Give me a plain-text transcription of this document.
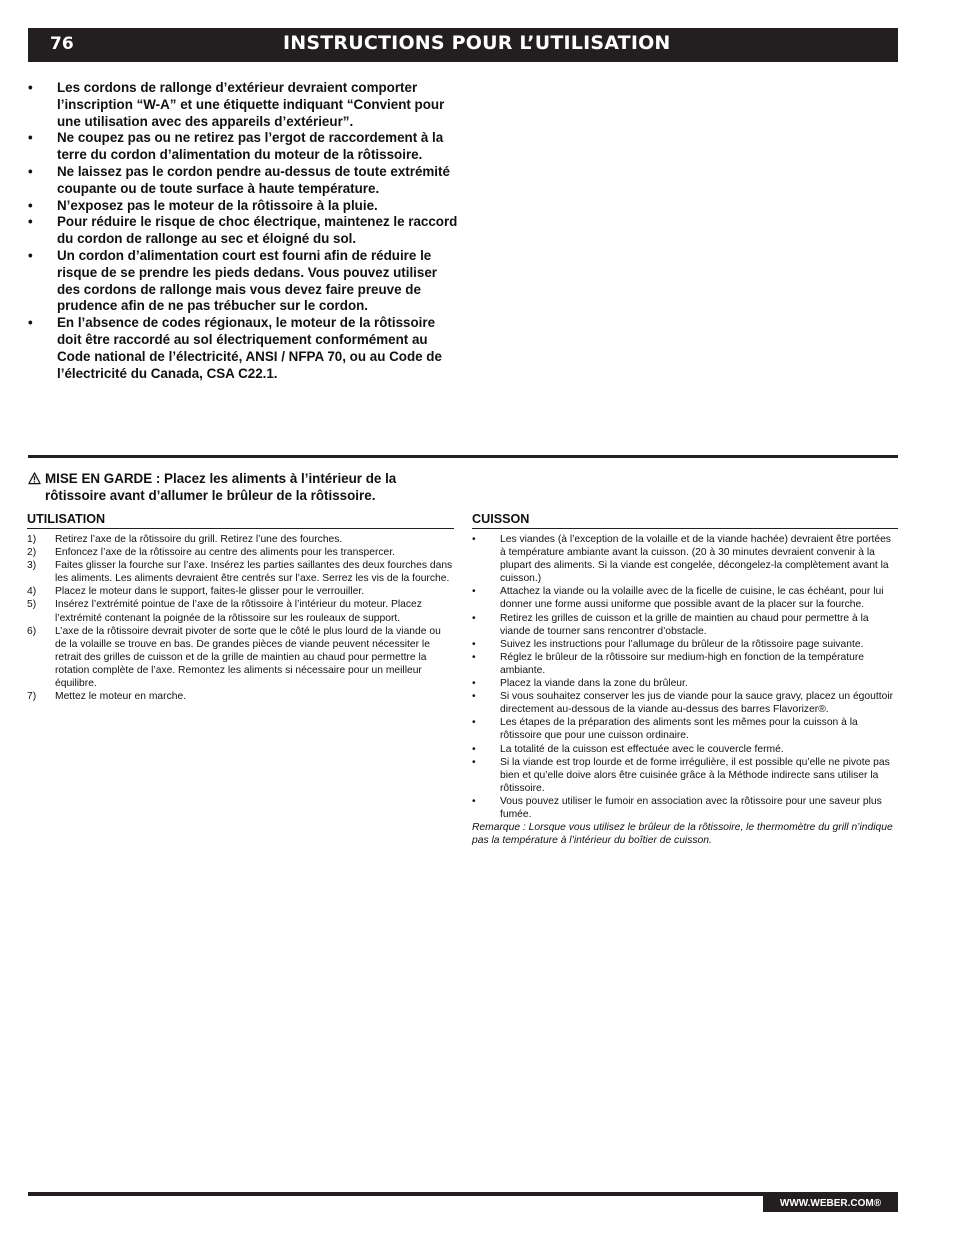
76	INSTRUCTIONS POUR L’UTILISATION
• Les cordons de rallonge d’extérieur devraient comporter l’inscription “W-A” et une étiquette indiquant “Convient pour une utilisation avec des appareils d’extérieur”.
• Ne coupez pas ou ne retirez pas l’ergot de raccordement à la terre du cordon d’alimentation du moteur de la rôtissoire.
• Ne laissez pas le cordon pendre au-dessus de toute extrémité coupante ou de toute surface à haute température.
• N’exposez pas le moteur de la rôtissoire à la pluie.
• Pour réduire le risque de choc électrique, maintenez le raccord du cordon de rallonge au sec et éloigné du sol.
• Un cordon d’alimentation court est fourni afin de réduire le risque de se prendre les pieds dedans. Vous pouvez utiliser des cordons de rallonge mais vous devez faire preuve de prudence afin de ne pas trébucher sur le cordon.
• En l’absence de codes régionaux, le moteur de la rôtissoire doit être raccordé au sol électriquement conformément au Code national de l’électricité, ANSI / NFPA 70, ou au Code de l’électricité du Canada, CSA C22.1.
MISE EN GARDE : Placez les aliments à l’intérieur de la
rôtissoire avant d’allumer le brûleur de la rôtissoire.
UTILISATION
1) Retirez l’axe de la rôtissoire du grill. Retirez l’une des fourches.
2) Enfoncez l’axe de la rôtissoire au centre des aliments pour les transpercer.
3) Faites glisser la fourche sur l’axe. Insérez les parties saillantes des deux fourches dans les aliments. Les aliments devraient être centrés sur l’axe. Serrez les vis de la fourche.
4) Placez le moteur dans le support, faites-le glisser pour le verrouiller.
5) Insérez l’extrémité pointue de l’axe de la rôtissoire à l’intérieur du moteur. Placez l’extrémité contenant la poignée de la rôtissoire sur les rouleaux de support.
6) L’axe de la rôtissoire devrait pivoter de sorte que le côté le plus lourd de la viande ou de la volaille se trouve en bas. De grandes pièces de viande peuvent nécessiter le retrait des grilles de cuisson et de la grille de maintien au chaud pour permettre la rotation complète de l’axe. Remontez les aliments si nécessaire pour un meilleur équilibre.
7) Mettez le moteur en marche.
CUISSON
• Les viandes (à l’exception de la volaille et de la viande hachée) devraient être portées à température ambiante avant la cuisson. (20 à 30 minutes devraient convenir à la plupart des aliments. Si la viande est congelée, décongelez-la complètement avant la cuisson.)
• Attachez la viande ou la volaille avec de la ficelle de cuisine, le cas échéant, pour lui donner une forme aussi uniforme que possible avant de la placer sur la fourche.
• Retirez les grilles de cuisson et la grille de maintien au chaud pour permettre à la viande de tourner sans rencontrer d’obstacle.
• Suivez les instructions pour l’allumage du brûleur de la rôtissoire page suivante.
• Réglez le brûleur de la rôtissoire sur medium-high en fonction de la température ambiante.
• Placez la viande dans la zone du brûleur.
• Si vous souhaitez conserver les jus de viande pour la sauce gravy, placez un égouttoir directement au-dessous de la viande au-dessus des barres Flavorizer®.
• Les étapes de la préparation des aliments sont les mêmes pour la cuisson à la rôtissoire que pour une cuisson ordinaire.
• La totalité de la cuisson est effectuée avec le couvercle fermé.
• Si la viande est trop lourde et de forme irrégulière, il est possible qu’elle ne pivote pas bien et qu’elle doive alors être cuisinée grâce à la Méthode indirecte sans utiliser la rôtissoire.
• Vous pouvez utiliser le fumoir en association avec la rôtissoire pour une saveur plus fumée.

Remarque : Lorsque vous utilisez le brûleur de la rôtissoire, le thermomètre du grill n’indique pas la température à l’intérieur du boîtier de cuisson.

WWW.WEBER.COM®
